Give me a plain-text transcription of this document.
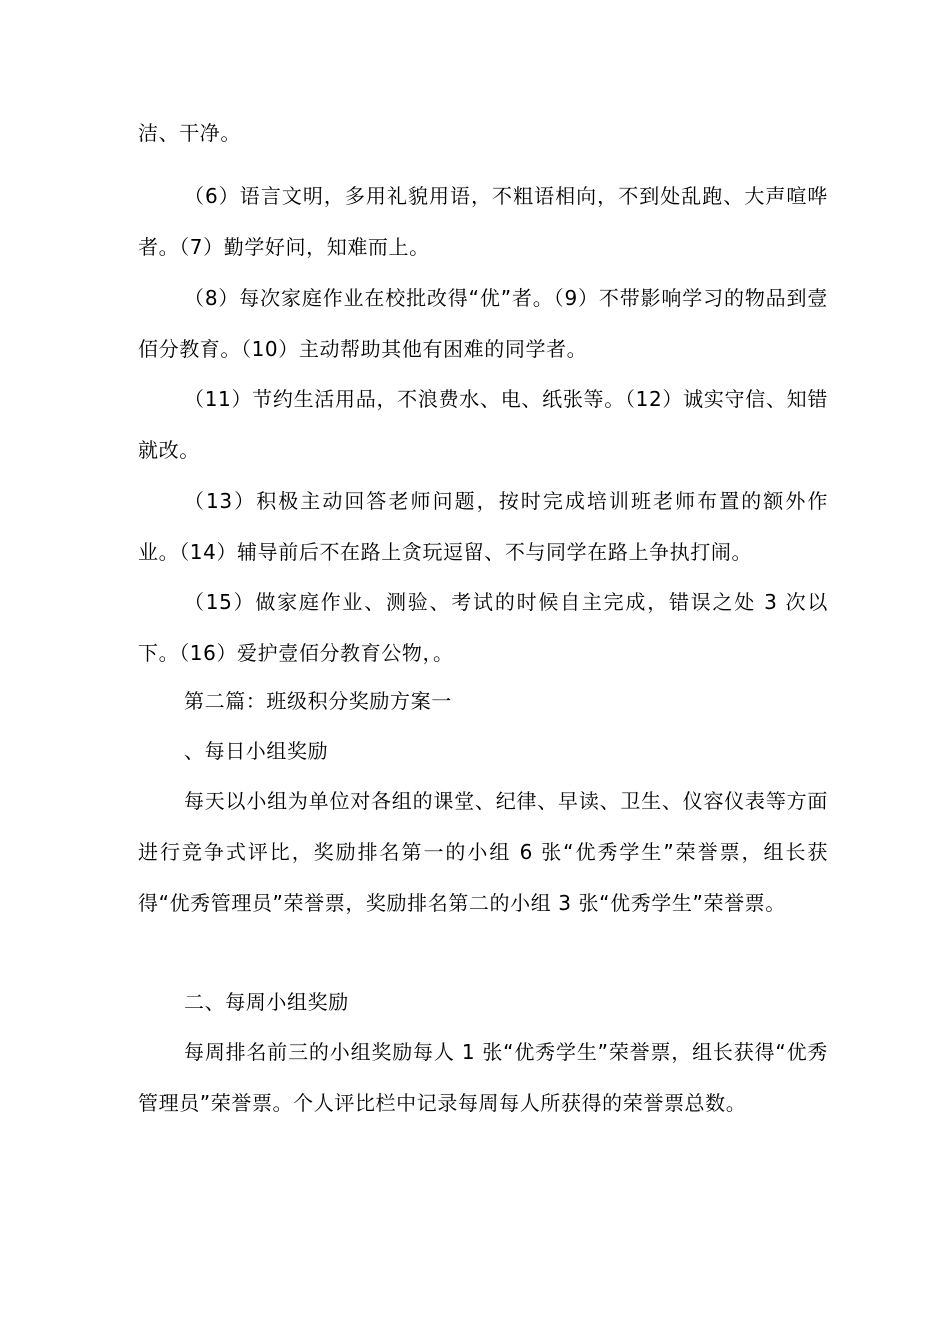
洁、干净。

（6）语言文明，多用礼貌用语，不粗语相向，不到处乱跑、大声喧哗者。（7）勤学好问，知难而上。

（8）每次家庭作业在校批改得“优”者。（9）不带影响学习的物品到壹佰分教育。（10）主动帮助其他有困难的同学者。

（11）节约生活用品，不浪费水、电、纸张等。（12）诚实守信、知错就改。

（13）积极主动回答老师问题，按时完成培训班老师布置的额外作业。（14）辅导前后不在路上贪玩逗留、不与同学在路上争执打闹。

（15）做家庭作业、测验、考试的时候自主完成，错误之处 3 次以下。（16）爱护壹佰分教育公物，。

第二篇：班级积分奖励方案一

、每日小组奖励

每天以小组为单位对各组的课堂、纪律、早读、卫生、仪容仪表等方面进行竞争式评比，奖励排名第一的小组 6 张“优秀学生”荣誉票，组长获得“优秀管理员”荣誉票，奖励排名第二的小组 3 张“优秀学生”荣誉票。

二、每周小组奖励

每周排名前三的小组奖励每人 1 张“优秀学生”荣誉票，组长获得“优秀管理员”荣誉票。个人评比栏中记录每周每人所获得的荣誉票总数。
